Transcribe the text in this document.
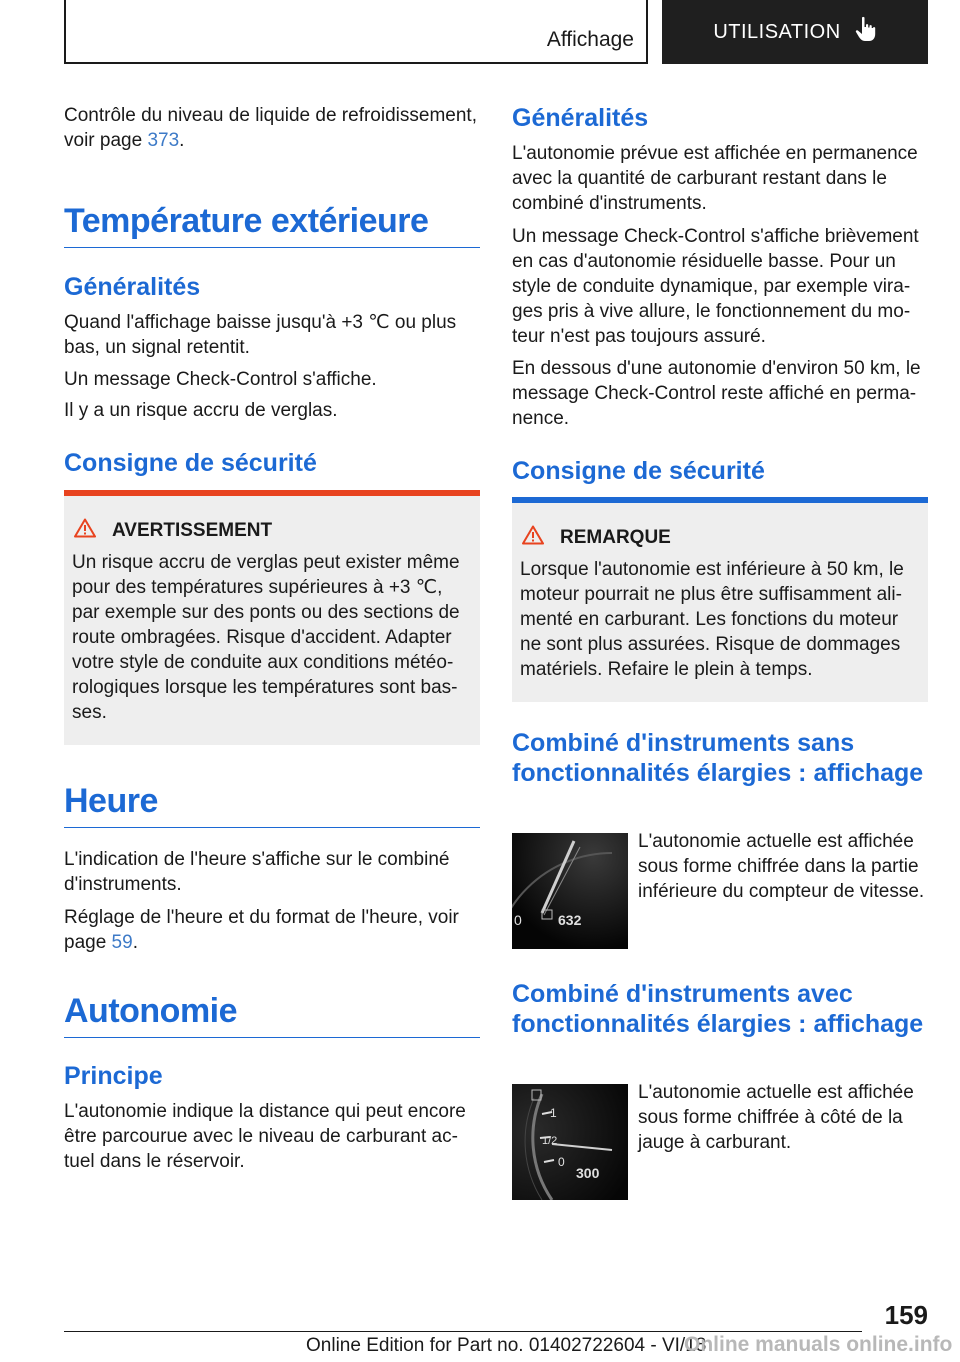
Affichage	UTILISATION

Contrôle du niveau de liquide de refroidissement, voir page 373.

Température extérieure
Généralités

Quand l'affichage baisse jusqu'à +3 ℃ ou plus bas, un signal retentit.

Un message Check-Control s'affiche.

Il y a un risque accru de verglas.

Consigne de sécurité
AVERTISSEMENT
Un risque accru de verglas peut exister même pour des températures supérieures à +3 ℃, par exemple sur des ponts ou des sections de route ombragées. Risque d'accident. Adapter votre style de conduite aux conditions météo-rologiques lorsque les températures sont bas-ses.
Heure

L'indication de l'heure s'affiche sur le combiné d'instruments.

Réglage de l'heure et du format de l'heure, voir page 59.

Autonomie
Principe

L'autonomie indique la distance qui peut encore être parcourue avec le niveau de carburant ac-tuel dans le réservoir.

Généralités

L'autonomie prévue est affichée en permanence avec la quantité de carburant restant dans le combiné d'instruments.

Un message Check-Control s'affiche brièvement en cas d'autonomie résiduelle basse. Pour un style de conduite dynamique, par exemple vira-ges pris à vive allure, le fonctionnement du mo-teur n'est pas toujours assuré.

En dessous d'une autonomie d'environ 50 km, le message Check-Control reste affiché en perma-nence.

Consigne de sécurité
REMARQUE
Lorsque l'autonomie est inférieure à 50 km, le moteur pourrait ne plus être suffisamment ali-menté en carburant. Les fonctions du moteur ne sont plus assurées. Risque de dommages matériels. Refaire le plein à temps.
Combiné d'instruments sans fonctionnalités élargies : affichage
0	632

L'autonomie actuelle est affichée sous forme chiffrée dans la partie inférieure du compteur de vitesse.

Combiné d'instruments avec fonctionnalités élargies : affichage
1
1/2
0
300

L'autonomie actuelle est affichée sous forme chiffrée à côté de la jauge à carburant.

159
Online Edition for Part no. 01402722604 - VI/18
Online manuals online.info
